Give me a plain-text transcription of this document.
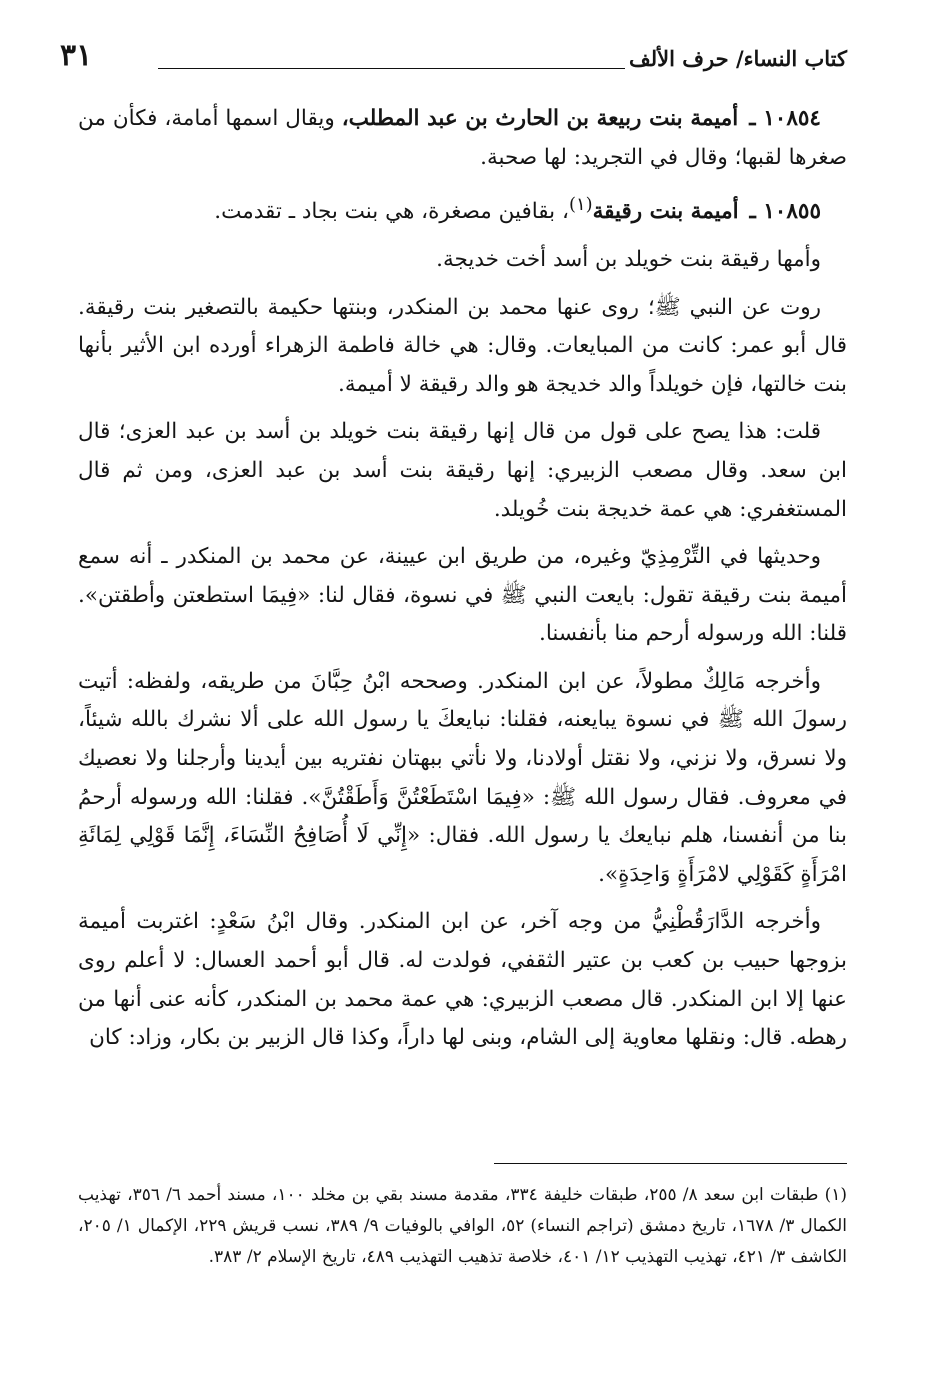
كتاب النساء/ حرف الألف
٣١

١٠٨٥٤ ـ أميمة بنت ربيعة بن الحارث بن عبد المطلب، ويقال اسمها أمامة، فكأن من صغرها لقبها؛ وقال في التجريد: لها صحبة.

١٠٨٥٥ ـ أميمة بنت رقيقة$^{(١)}$، بقافين مصغرة، هي بنت بجاد ـ تقدمت.

وأمها رقيقة بنت خويلد بن أسد أخت خديجة.

روت عن النبي ﷺ؛ روى عنها محمد بن المنكدر، وبنتها حكيمة بالتصغير بنت رقيقة. قال أبو عمر: كانت من المبايعات. وقال: هي خالة فاطمة الزهراء أورده ابن الأثير بأنها بنت خالتها، فإن خويلداً والد خديجة هو والد رقيقة لا أميمة.

قلت: هذا يصح على قول من قال إنها رقيقة بنت خويلد بن أسد بن عبد العزى؛ قال ابن سعد. وقال مصعب الزبيري: إنها رقيقة بنت أسد بن عبد العزى، ومن ثم قال المستغفري: هي عمة خديجة بنت خُويلد.

وحديثها في التِّرْمِذِيّ وغيره، من طريق ابن عيينة، عن محمد بن المنكدر ـ أنه سمع أميمة بنت رقيقة تقول: بايعت النبي ﷺ في نسوة، فقال لنا: «فِيمَا استطعتن وأطقتن». قلنا: الله ورسوله أرحم منا بأنفسنا.

وأخرجه مَالِكٌ مطولاً، عن ابن المنكدر. وصححه ابْنُ حِبَّانَ من طريقه، ولفظه: أتيت رسولَ الله ﷺ في نسوة يبايعنه، فقلنا: نبايعكَ يا رسول الله على ألا نشرك بالله شيئاً، ولا نسرق، ولا نزني، ولا نقتل أولادنا، ولا نأتي ببهتان نفتريه بين أيدينا وأرجلنا ولا نعصيك في معروف. فقال رسول الله ﷺ: «فِيمَا اسْتَطَعْتُنَّ وَأَطَقْتُنَّ». فقلنا: الله ورسوله أرحمُ بنا من أنفسنا، هلم نبايعك يا رسول الله. فقال: «إِنِّي لَا أُصَافِحُ النِّسَاءَ، إِنَّمَا قَوْلِي لِمَائَةِ امْرَأَةٍ كَقَوْلِي لامْرَأَةٍ وَاحِدَةٍ».

وأخرجه الدَّارَقُطْنِيُّ من وجه آخر، عن ابن المنكدر. وقال ابْنُ سَعْدٍ: اغتربت أميمة بزوجها حبيب بن كعب بن عتير الثقفي، فولدت له. قال أبو أحمد العسال: لا أعلم روى عنها إلا ابن المنكدر. قال مصعب الزبيري: هي عمة محمد بن المنكدر، كأنه عنى أنها من رهطه. قال: ونقلها معاوية إلى الشام، وبنى لها داراً، وكذا قال الزبير بن بكار، وزاد: كان

(١) طبقات ابن سعد ٨/ ٢٥٥، طبقات خليفة ٣٣٤، مقدمة مسند بقي بن مخلد ١٠٠، مسند أحمد ٦/ ٣٥٦، تهذيب الكمال ٣/ ١٦٧٨، تاريخ دمشق (تراجم النساء) ٥٢، الوافي بالوفيات ٩/ ٣٨٩، نسب قريش ٢٢٩، الإكمال ١/ ٢٠٥، الكاشف ٣/ ٤٢١، تهذيب التهذيب ١٢/ ٤٠١، خلاصة تذهيب التهذيب ٤٨٩، تاريخ الإسلام ٢/ ٣٨٣.
